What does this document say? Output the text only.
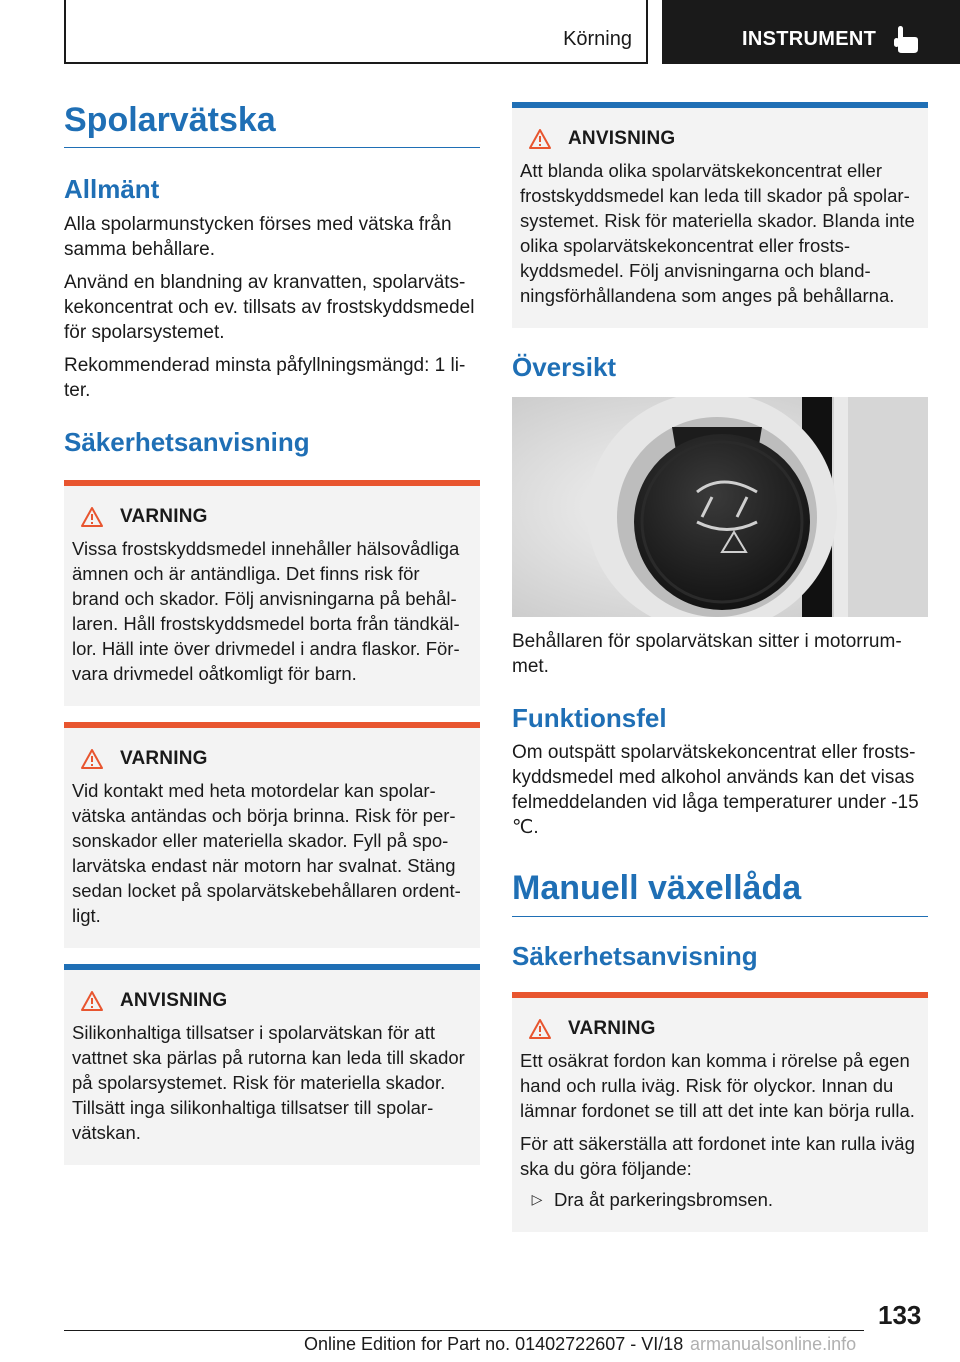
Körning	INSTRUMENT
Spolarvätska
Allmänt

Alla spolarmunstycken förses med vätska från samma behållare.

Använd en blandning av kranvatten, spolarvätskekoncentrat och ev. tillsats av frostskyddsmedel för spolarsystemet.

Rekommenderad minsta påfyllningsmängd: 1 liter.

Säkerhetsanvisning
VARNING

Vissa frostskyddsmedel innehåller hälsovådliga ämnen och är antändliga. Det finns risk för brand och skador. Följ anvisningarna på behållaren. Håll frostskyddsmedel borta från tändkällor. Häll inte över drivmedel i andra flaskor. Förvara drivmedel oåtkomligt för barn.

VARNING

Vid kontakt med heta motordelar kan spolarvätska antändas och börja brinna. Risk för personskador eller materiella skador. Fyll på spolarvätska endast när motorn har svalnat. Stäng sedan locket på spolarvätskebehållaren ordentligt.

ANVISNING

Silikonhaltiga tillsatser i spolarvätskan för att vattnet ska pärlas på rutorna kan leda till skador på spolarsystemet. Risk för materiella skador. Tillsätt inga silikonhaltiga tillsatser till spolarvätskan.

ANVISNING

Att blanda olika spolarvätskekoncentrat eller frostskyddsmedel kan leda till skador på spolarsystemet. Risk för materiella skador. Blanda inte olika spolarvätskekoncentrat eller frostskyddsmedel. Följ anvisningarna och blandningsförhållandena som anges på behållarna.

Översikt

Behållaren för spolarvätskan sitter i motorrummet.

Funktionsfel

Om outspätt spolarvätskekoncentrat eller frostskyddsmedel med alkohol används kan det visas felmeddelanden vid låga temperaturer under ‑15 ℃.

Manuell växellåda
Säkerhetsanvisning
VARNING

Ett osäkrat fordon kan komma i rörelse på egen hand och rulla iväg. Risk för olyckor. Innan du lämnar fordonet se till att det inte kan börja rulla.

För att säkerställa att fordonet inte kan rulla iväg ska du göra följande:

▷ Dra åt parkeringsbromsen.

133
Online Edition for Part no. 01402722607 - VI/18 armanualsonline.info
